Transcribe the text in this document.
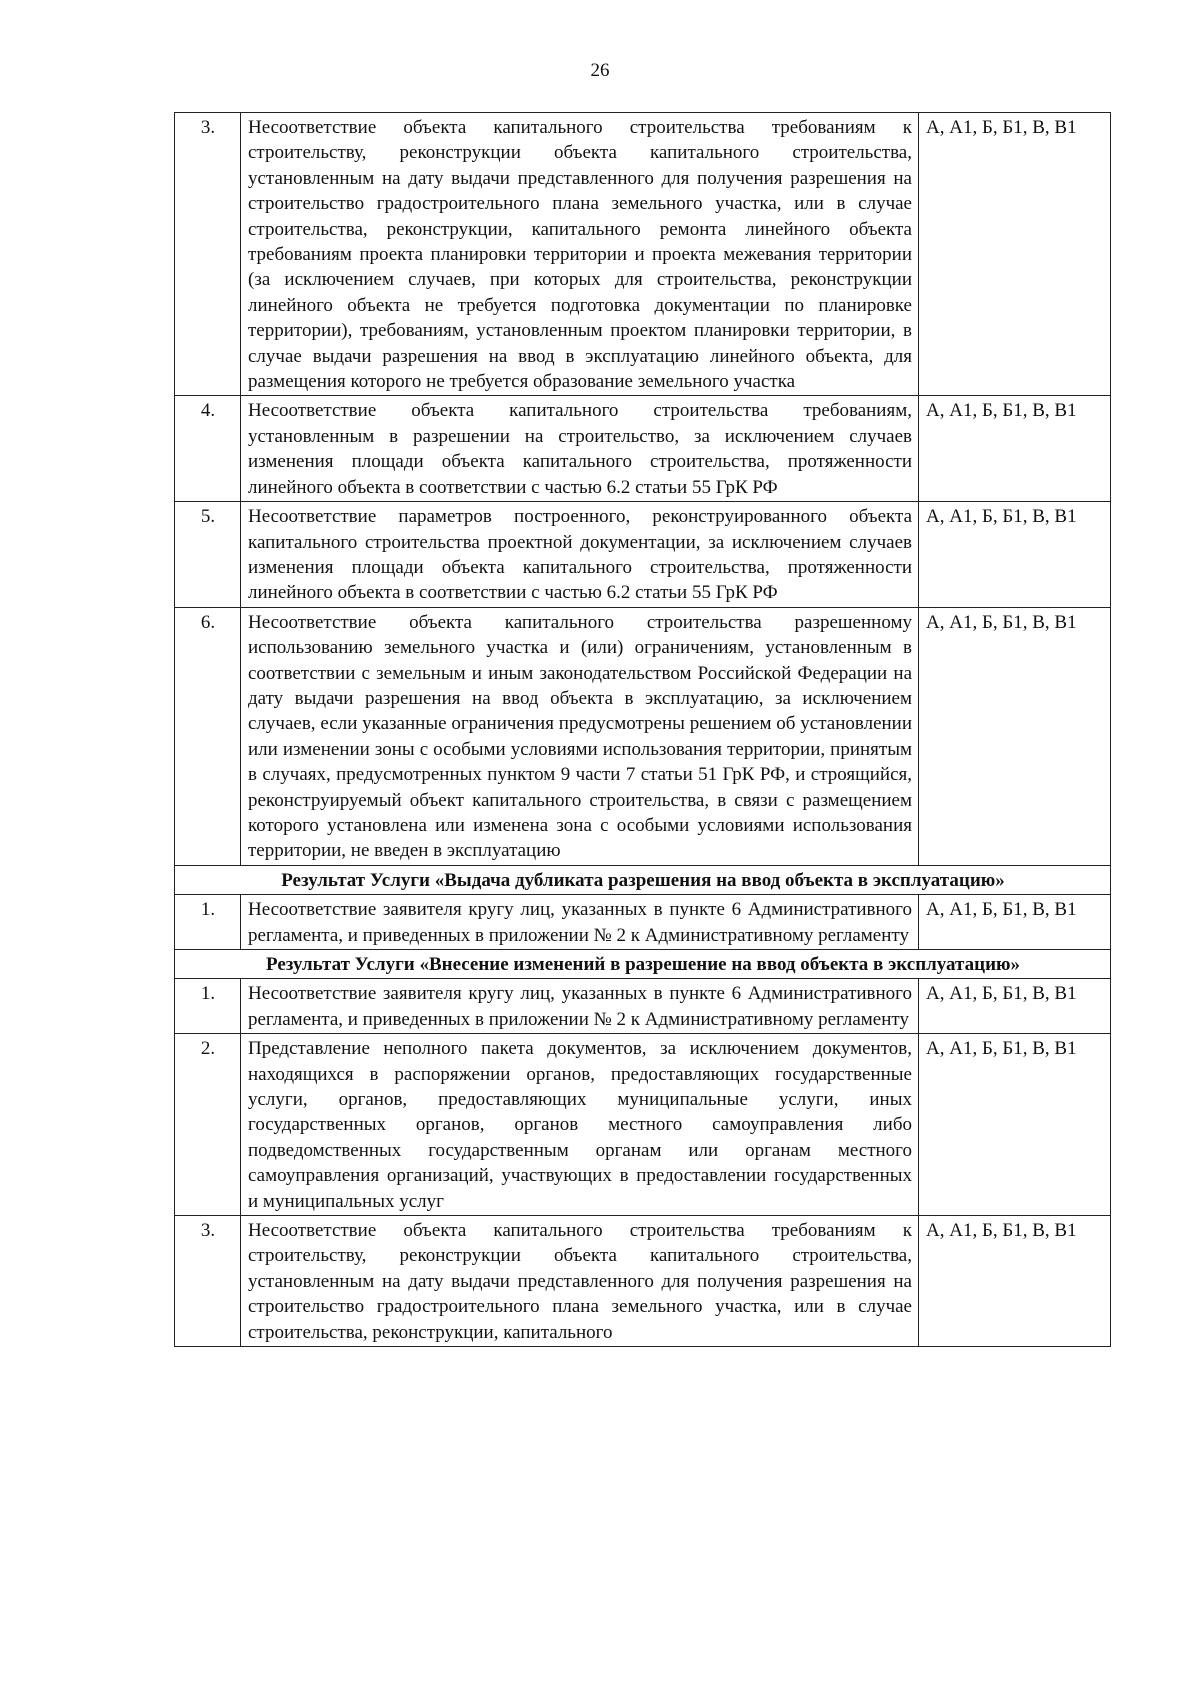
26
3.	Несоответствие объекта капитального строительства требованиям к строительству, реконструкции объекта капитального строительства, установленным на дату выдачи представленного для получения разрешения на строительство градостроительного плана земельного участка, или в случае строительства, реконструкции, капитального ремонта линейного объекта требованиям проекта планировки территории и проекта межевания территории (за исключением случаев, при которых для строительства, реконструкции линейного объекта не требуется подготовка документации по планировке территории), требованиям, установленным проектом планировки территории, в случае выдачи разрешения на ввод в эксплуатацию линейного объекта, для размещения которого не требуется образование земельного участка	А, А1, Б, Б1, В, В1
4.	Несоответствие объекта капитального строительства требованиям, установленным в разрешении на строительство, за исключением случаев изменения площади объекта капитального строительства, протяженности линейного объекта в соответствии с частью 6.2 статьи 55 ГрК РФ	А, А1, Б, Б1, В, В1
5.	Несоответствие параметров построенного, реконструированного объекта капитального строительства проектной документации, за исключением случаев изменения площади объекта капитального строительства, протяженности линейного объекта в соответствии с частью 6.2 статьи 55 ГрК РФ	А, А1, Б, Б1, В, В1
6.	Несоответствие объекта капитального строительства разрешенному использованию земельного участка и (или) ограничениям, установленным в соответствии с земельным и иным законодательством Российской Федерации на дату выдачи разрешения на ввод объекта в эксплуатацию, за исключением случаев, если указанные ограничения предусмотрены решением об установлении или изменении зоны с особыми условиями использования территории, принятым в случаях, предусмотренных пунктом 9 части 7 статьи 51 ГрК РФ, и строящийся, реконструируемый объект капитального строительства, в связи с размещением которого установлена или изменена зона с особыми условиями использования территории, не введен в эксплуатацию	А, А1, Б, Б1, В, В1
Результат Услуги «Выдача дубликата разрешения на ввод объекта в эксплуатацию»		
1.	Несоответствие заявителя кругу лиц, указанных в пункте 6 Административного регламента, и приведенных в приложении № 2 к Административному регламенту	А, А1, Б, Б1, В, В1
Результат Услуги «Внесение изменений в разрешение на ввод объекта в эксплуатацию»		
1.	Несоответствие заявителя кругу лиц, указанных в пункте 6 Административного регламента, и приведенных в приложении № 2 к Административному регламенту	А, А1, Б, Б1, В, В1
2.	Представление неполного пакета документов, за исключением документов, находящихся в распоряжении органов, предоставляющих государственные услуги, органов, предоставляющих муниципальные услуги, иных государственных органов, органов местного самоуправления либо подведомственных государственным органам или органам местного самоуправления организаций, участвующих в предоставлении государственных и муниципальных услуг	А, А1, Б, Б1, В, В1
3.	Несоответствие объекта капитального строительства требованиям к строительству, реконструкции объекта капитального строительства, установленным на дату выдачи представленного для получения разрешения на строительство градостроительного плана земельного участка, или в случае строительства, реконструкции, капитального	А, А1, Б, Б1, В, В1
